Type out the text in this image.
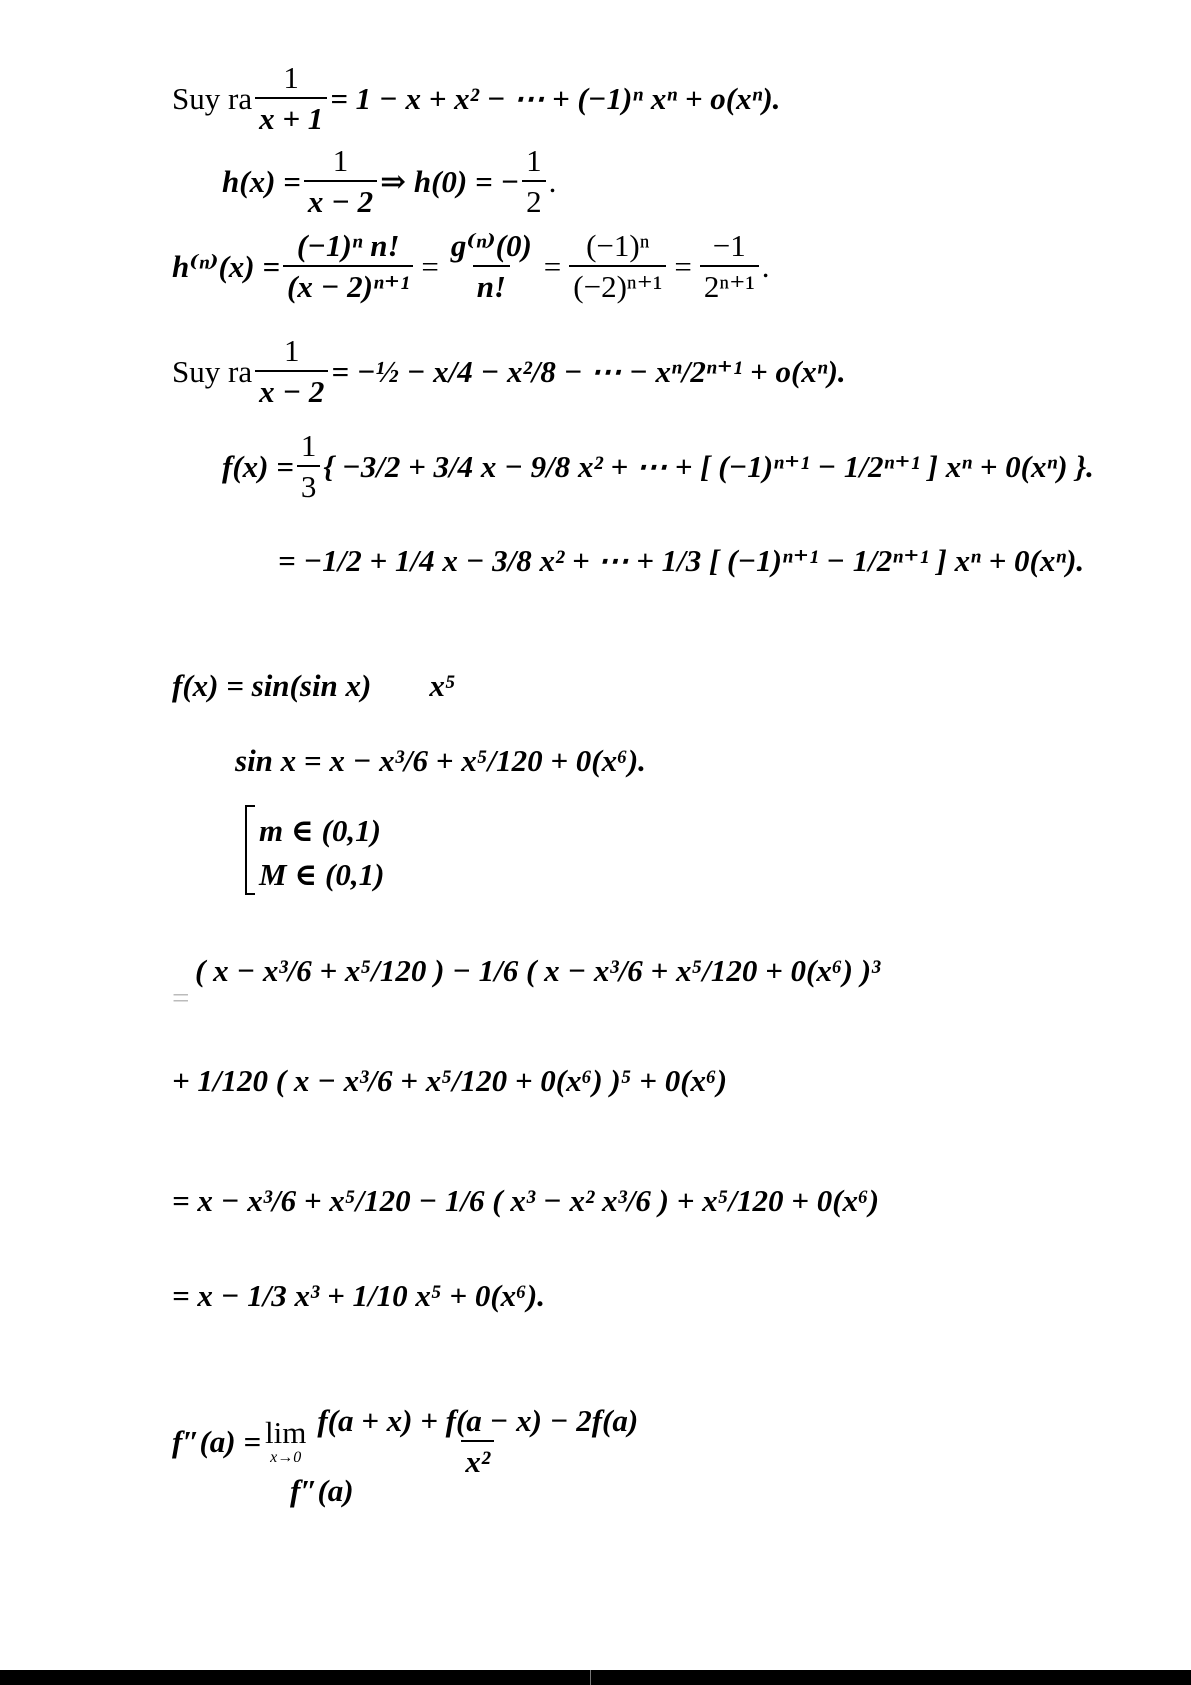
Suy ra $\frac{1}{x + 1} = 1 - x + x^2$ − ⋯ + (−1)ⁿ xⁿ + o(xⁿ).
$h(x) = \frac{1}{x - 2}$ ⇒ h(0) = − $\frac{1}{2}$ .
$h^{(n)}(x) = \frac{\text{(−1)ⁿ n!}}{\text{(x − 2)ⁿ⁺¹}} = \frac{\text{g⁽ⁿ⁾(0)}}{n!} = \frac{\text{(−1)ⁿ}}{\text{(−2)ⁿ⁺¹}} = \frac{-1}{\text{2ⁿ⁺¹}}$ .
Suy ra $\frac{1}{x - 2}$ = −½ − x/4 − x²/8 − ⋯ − xⁿ/2ⁿ⁺¹ + o(xⁿ).
$f(x) = \frac{1}{3}$ { −3/2 + 3/4 x − 9/8 x² + ⋯ + [ (−1)ⁿ⁺¹ − 1/2ⁿ⁺¹ ] xⁿ + 0(xⁿ) }.
= −1/2 + 1/4 x − 3/8 x² + ⋯ + 1/3 [ (−1)ⁿ⁺¹ − 1/2ⁿ⁺¹ ] xⁿ + 0(xⁿ).
f(x) = sin(sin x) x⁵
sin x = x − x³/6 + x⁵/120 + 0(x⁶).
m ∈ (0,1)
M ∈ (0,1)
=
( x − x³/6 + x⁵/120 ) − 1/6 ( x − x³/6 + x⁵/120 + 0(x⁶) )³
+ 1/120 ( x − x³/6 + x⁵/120 + 0(x⁶) )⁵ + 0(x⁶)
= x − x³/6 + x⁵/120 − 1/6 ( x³ − x² x³/6 ) + x⁵/120 + 0(x⁶)
= x − 1/3 x³ + 1/10 x⁵ + 0(x⁶).
f″(a) = lim
$x\to 0 \frac{f(a + x) + f(a - x) - 2f(a)}{\text{x²}}$
f″(a)
